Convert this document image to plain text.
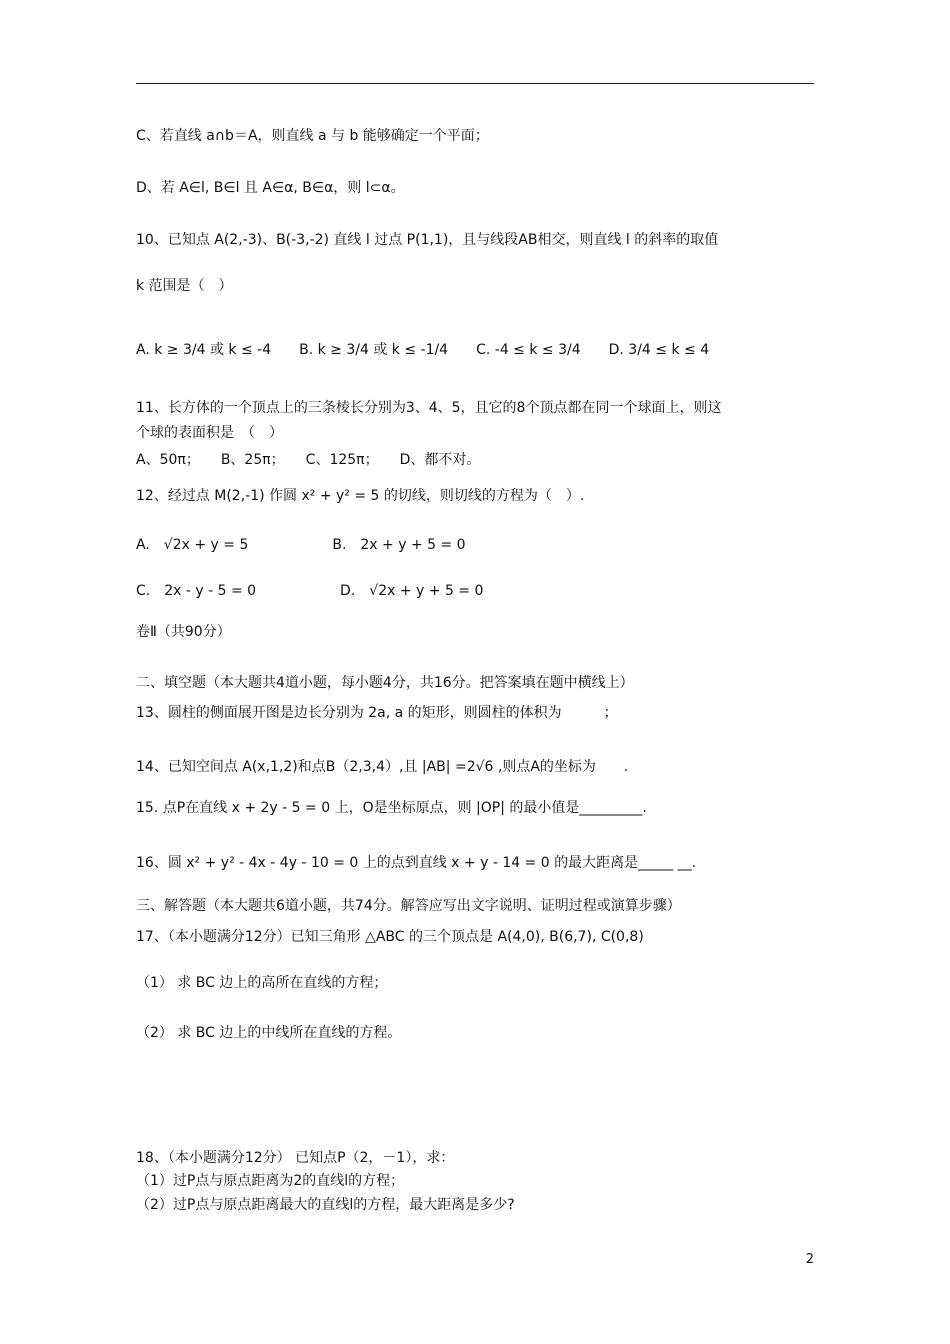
C、若直线 a∩b＝A，则直线 a 与 b 能够确定一个平面；
D、若 A∈l, B∈l 且 A∈α, B∈α，则 l⊂α。
10、已知点 A(2,-3)、B(-3,-2) 直线 l 过点 P(1,1)，且与线段AB相交，则直线 l 的斜率的取值
k 范围是（　）
A. k ≥ 3/4 或 k ≤ -4　　B. k ≥ 3/4 或 k ≤ -1/4　　C. -4 ≤ k ≤ 3/4　　D. 3/4 ≤ k ≤ 4
11、长方体的一个顶点上的三条棱长分别为3、4、5，且它的8个顶点都在同一个球面上，则这
个球的表面积是　（　）
A、50π；　　B、25π；　　C、125π；　　D、都不对。
12、经过点 M(2,-1) 作圆 x² + y² = 5 的切线，则切线的方程为（　）.
A.　√2x + y = 5　　　　　　B.　2x + y + 5 = 0
C.　2x - y - 5 = 0　　　　　　D.　√2x + y + 5 = 0
卷Ⅱ（共90分）
二、填空题（本大题共4道小题，每小题4分，共16分。把答案填在题中横线上）
13、圆柱的侧面展开图是边长分别为 2a, a 的矩形，则圆柱的体积为　　　；
14、已知空间点 A(x,1,2)和点B（2,3,4）,且 |AB| =2√6 ,则点A的坐标为　　.
15. 点P在直线 x + 2y - 5 = 0 上，O是坐标原点，则 |OP| 的最小值是_________.
16、圆 x² + y² - 4x - 4y - 10 = 0 上的点到直线 x + y - 14 = 0 的最大距离是_____ __.
三、解答题（本大题共6道小题，共74分。解答应写出文字说明、证明过程或演算步骤）
17、（本小题满分12分）已知三角形 △ABC 的三个顶点是 A(4,0), B(6,7), C(0,8)
（1） 求 BC 边上的高所在直线的方程；
（2） 求 BC 边上的中线所在直线的方程。
18、（本小题满分12分） 已知点P（2，－1），求：
（1）过P点与原点距离为2的直线l的方程；
（2）过P点与原点距离最大的直线l的方程，最大距离是多少?
2
